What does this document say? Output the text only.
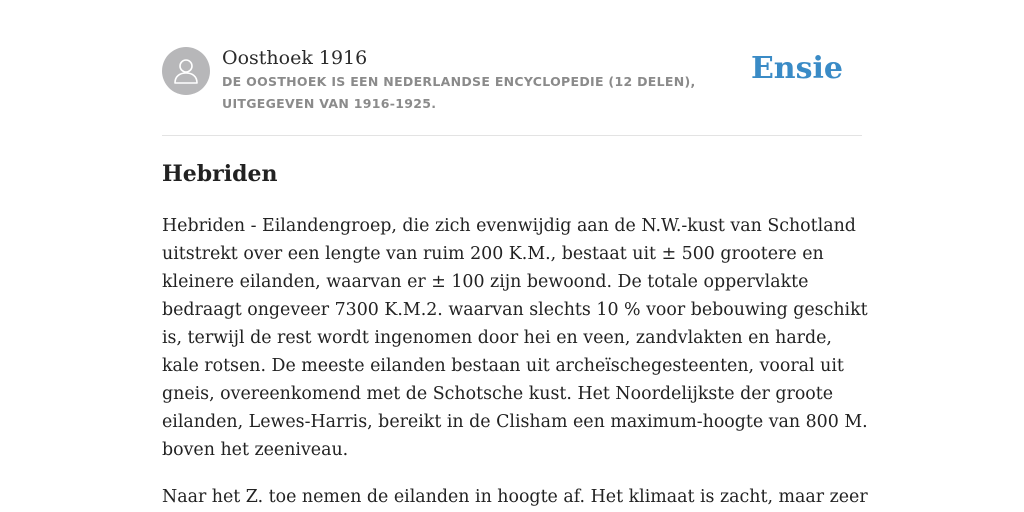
Oosthoek 1916
DE OOSTHOEK IS EEN NEDERLANDSE ENCYCLOPEDIE (12 DELEN), UITGEGEVEN VAN 1916-1925.
Ensie
Hebriden

Hebriden - Eilandengroep, die zich evenwijdig aan de N.W.-kust van Schotland uitstrekt over een lengte van ruim 200 K.M., bestaat uit ± 500 grootere en kleinere eilanden, waarvan er ± 100 zijn bewoond. De totale oppervlakte bedraagt ongeveer 7300 K.M.2. waarvan slechts 10 % voor bebouwing geschikt is, terwijl de rest wordt ingenomen door hei en veen, zandvlakten en harde, kale rotsen. De meeste eilanden bestaan uit archeïschegesteenten, vooral uit gneis, overeenkomend met de Schotsche kust. Het Noordelijkste der groote eilanden, Lewes-Harris, bereikt in de Clisham een maximum-hoogte van 800 M. boven het zeeniveau.

Naar het Z. toe nemen de eilanden in hoogte af. Het klimaat is zacht, maar zeer
